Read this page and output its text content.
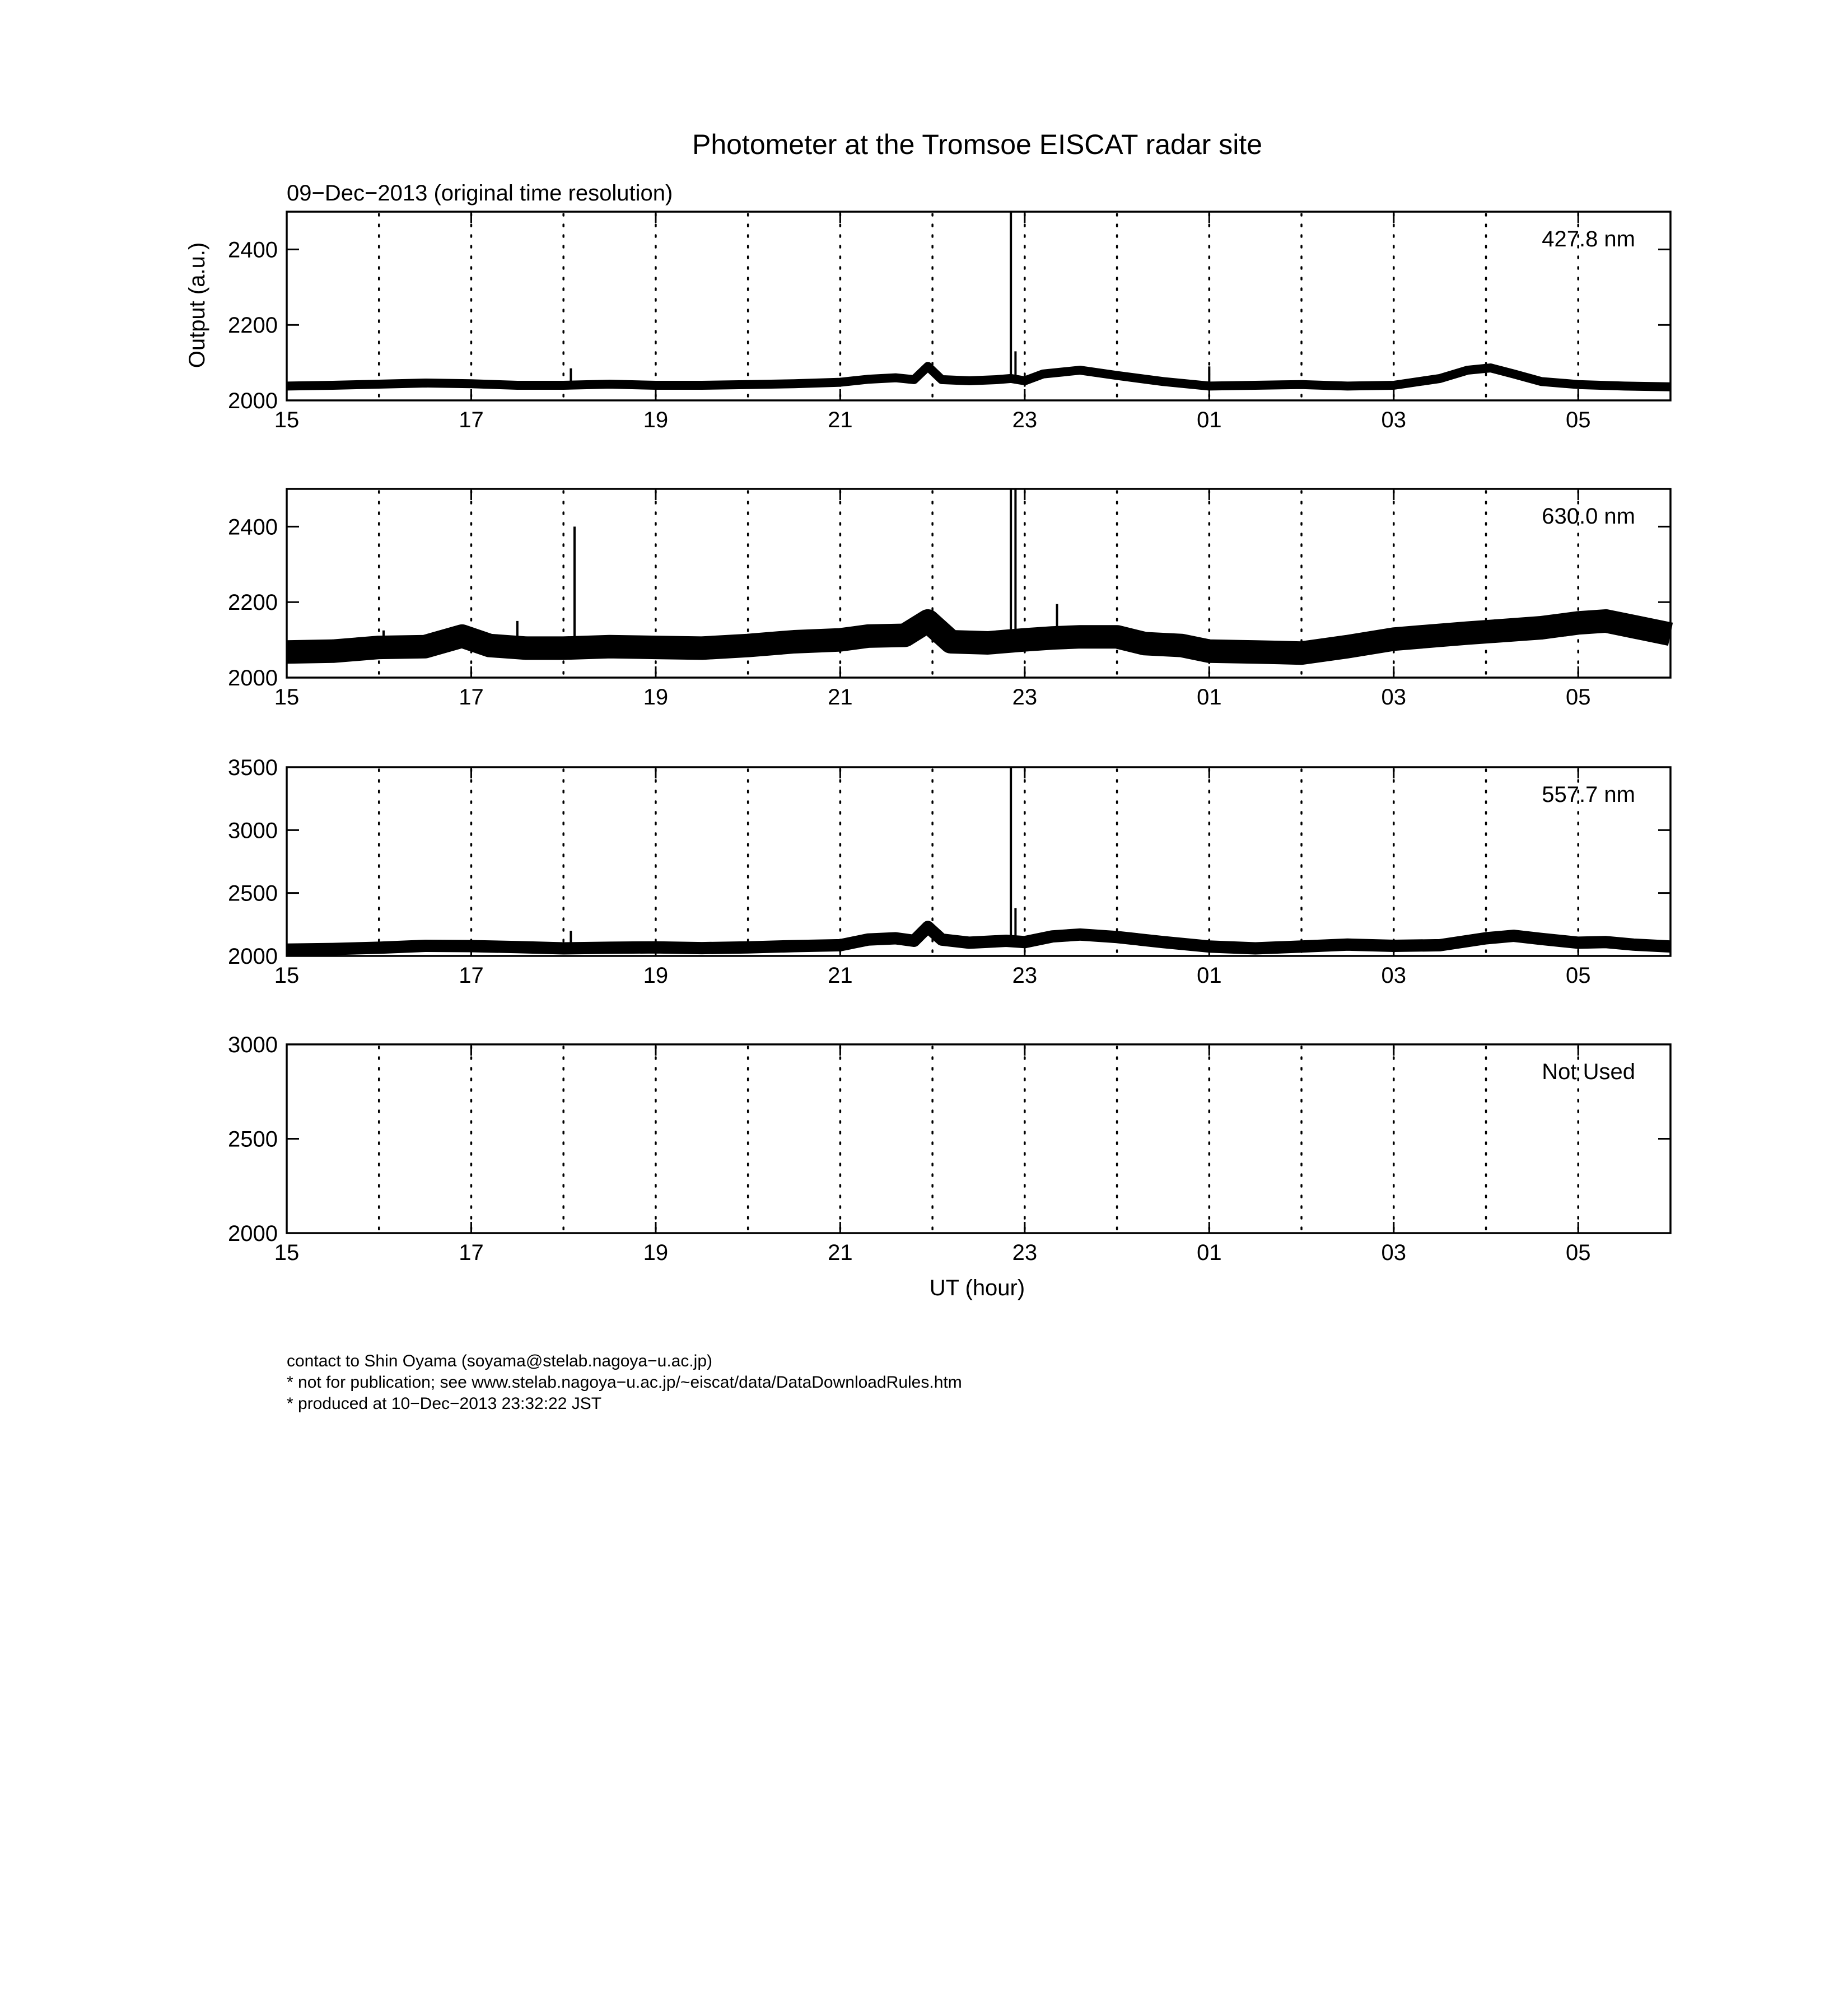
Photometer at the Tromsoe EISCAT radar site
09−Dec−2013 (original time resolution)
Output (a.u.)
15	17	19	21	23	01	03	05
2000
2200
2400	427.8 nm
15	17	19	21	23	01	03	05
2000
2200
2400	630.0 nm
15	17	19	21	23	01	03	05
2000
2500
3000
3500
557.7 nm
15	17	19	21	23	01	03	05
2000
2500
3000
Not Used
UT (hour)
contact to Shin Oyama (soyama@stelab.nagoya−u.ac.jp)
* not for publication; see www.stelab.nagoya−u.ac.jp/~eiscat/data/DataDownloadRules.htm
* produced at 10−Dec−2013 23:32:22 JST
